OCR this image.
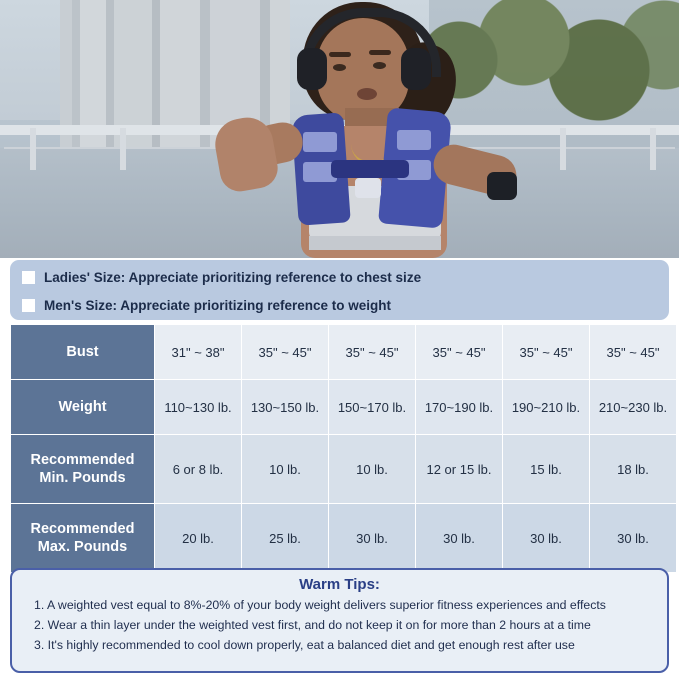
Ladies' Size: Appreciate prioritizing reference to chest size
Men's Size: Appreciate prioritizing reference to weight
Bust	31" ~ 38"	35" ~ 45"	35" ~ 45"	35" ~ 45"	35" ~ 45"	35" ~ 45"
Weight	110~130 lb.	130~150 lb.	150~170 lb.	170~190 lb.	190~210 lb.	210~230 lb.

Recommended
Min. Pounds	6 or 8 lb.	10 lb.	10 lb.	12 or 15 lb.	15 lb.	18 lb.

Recommended
Max. Pounds	20 lb.	25 lb.	30 lb.	30 lb.	30 lb.	30 lb.
Warm Tips:
1. A weighted vest equal to 8%-20% of your body weight delivers superior fitness experiences and effects
2. Wear a thin layer under the weighted vest first, and do not keep it on for more than 2 hours at a time
3. It's highly recommended to cool down properly, eat a balanced diet and get enough rest after use
